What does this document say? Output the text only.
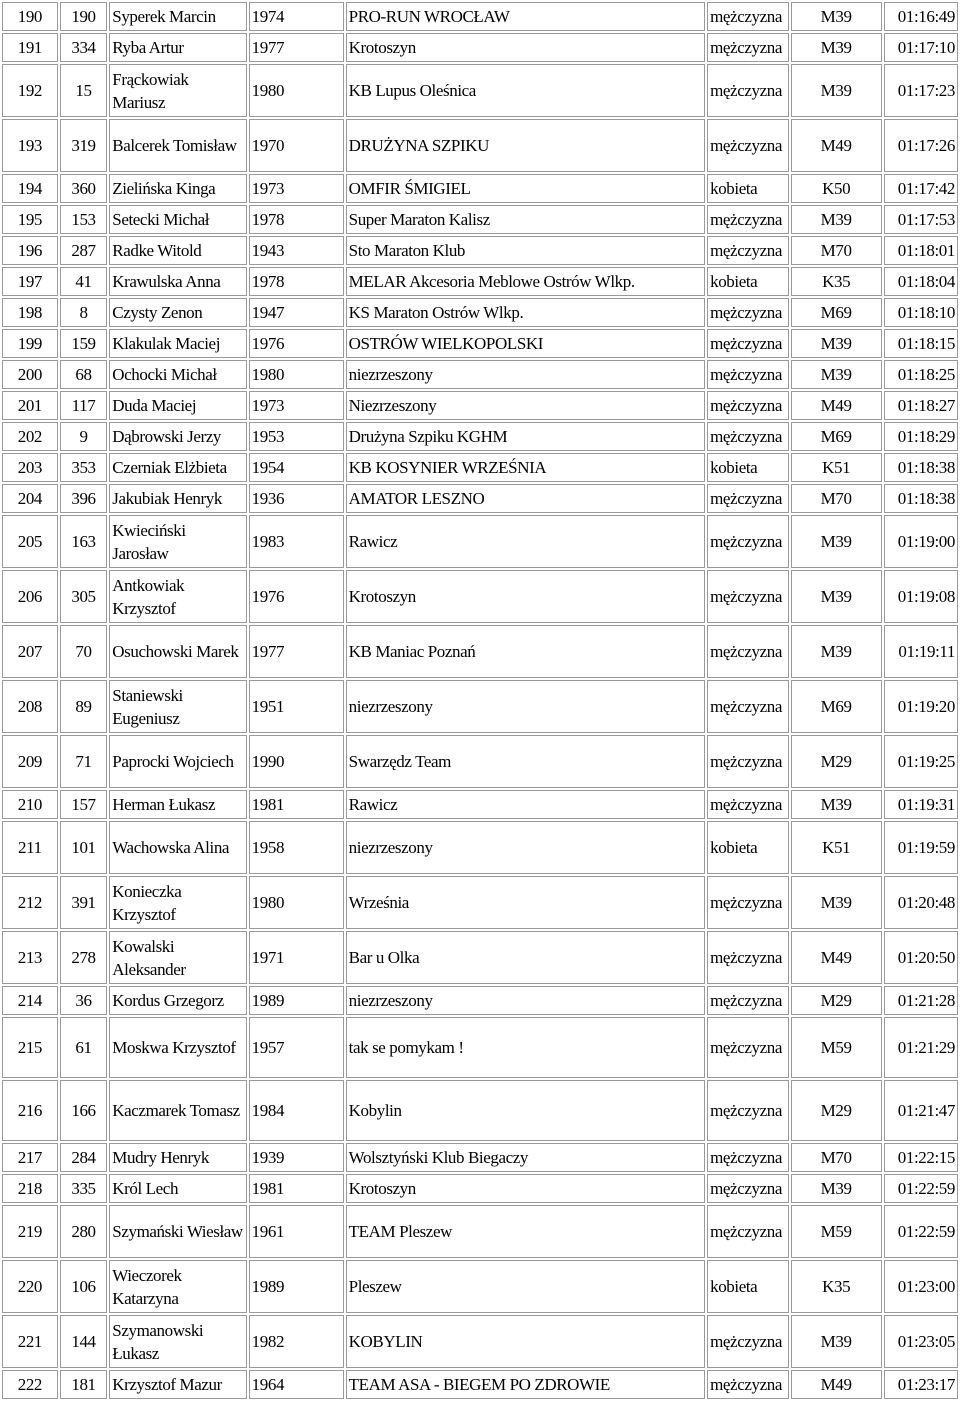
190	190	Syperek Marcin	1974	PRO-RUN WROCŁAW	mężczyzna	M39	01:16:49
191	334	Ryba Artur	1977	Krotoszyn	mężczyzna	M39	01:17:10
192	15	Frąckowiak Mariusz	1980	KB Lupus Oleśnica	mężczyzna	M39	01:17:23
193	319	Balcerek Tomisław	1970	DRUŻYNA SZPIKU	mężczyzna	M49	01:17:26
194	360	Zielińska Kinga	1973	OMFIR ŚMIGIEL	kobieta	K50	01:17:42
195	153	Setecki Michał	1978	Super Maraton Kalisz	mężczyzna	M39	01:17:53
196	287	Radke Witold	1943	Sto Maraton Klub	mężczyzna	M70	01:18:01
197	41	Krawulska Anna	1978	MELAR Akcesoria Meblowe Ostrów Wlkp.	kobieta	K35	01:18:04
198	8	Czysty Zenon	1947	KS Maraton Ostrów Wlkp.	mężczyzna	M69	01:18:10
199	159	Klakulak Maciej	1976	OSTRÓW WIELKOPOLSKI	mężczyzna	M39	01:18:15
200	68	Ochocki Michał	1980	niezrzeszony	mężczyzna	M39	01:18:25
201	117	Duda Maciej	1973	Niezrzeszony	mężczyzna	M49	01:18:27
202	9	Dąbrowski Jerzy	1953	Drużyna Szpiku KGHM	mężczyzna	M69	01:18:29
203	353	Czerniak Elżbieta	1954	KB KOSYNIER WRZEŚNIA	kobieta	K51	01:18:38
204	396	Jakubiak Henryk	1936	AMATOR LESZNO	mężczyzna	M70	01:18:38
205	163	Kwieciński Jarosław	1983	Rawicz	mężczyzna	M39	01:19:00
206	305	Antkowiak Krzysztof	1976	Krotoszyn	mężczyzna	M39	01:19:08
207	70	Osuchowski Marek	1977	KB Maniac Poznań	mężczyzna	M39	01:19:11
208	89	Staniewski Eugeniusz	1951	niezrzeszony	mężczyzna	M69	01:19:20
209	71	Paprocki Wojciech	1990	Swarzędz Team	mężczyzna	M29	01:19:25
210	157	Herman Łukasz	1981	Rawicz	mężczyzna	M39	01:19:31
211	101	Wachowska Alina	1958	niezrzeszony	kobieta	K51	01:19:59
212	391	Konieczka Krzysztof	1980	Września	mężczyzna	M39	01:20:48
213	278	Kowalski Aleksander	1971	Bar u Olka	mężczyzna	M49	01:20:50
214	36	Kordus Grzegorz	1989	niezrzeszony	mężczyzna	M29	01:21:28
215	61	Moskwa Krzysztof	1957	tak se pomykam !	mężczyzna	M59	01:21:29
216	166	Kaczmarek Tomasz	1984	Kobylin	mężczyzna	M29	01:21:47
217	284	Mudry Henryk	1939	Wolsztyński Klub Biegaczy	mężczyzna	M70	01:22:15
218	335	Król Lech	1981	Krotoszyn	mężczyzna	M39	01:22:59
219	280	Szymański Wiesław	1961	TEAM Pleszew	mężczyzna	M59	01:22:59
220	106	Wieczorek Katarzyna	1989	Pleszew	kobieta	K35	01:23:00
221	144	Szymanowski Łukasz	1982	KOBYLIN	mężczyzna	M39	01:23:05
222	181	Krzysztof Mazur	1964	TEAM ASA - BIEGEM PO ZDROWIE	mężczyzna	M49	01:23:17
